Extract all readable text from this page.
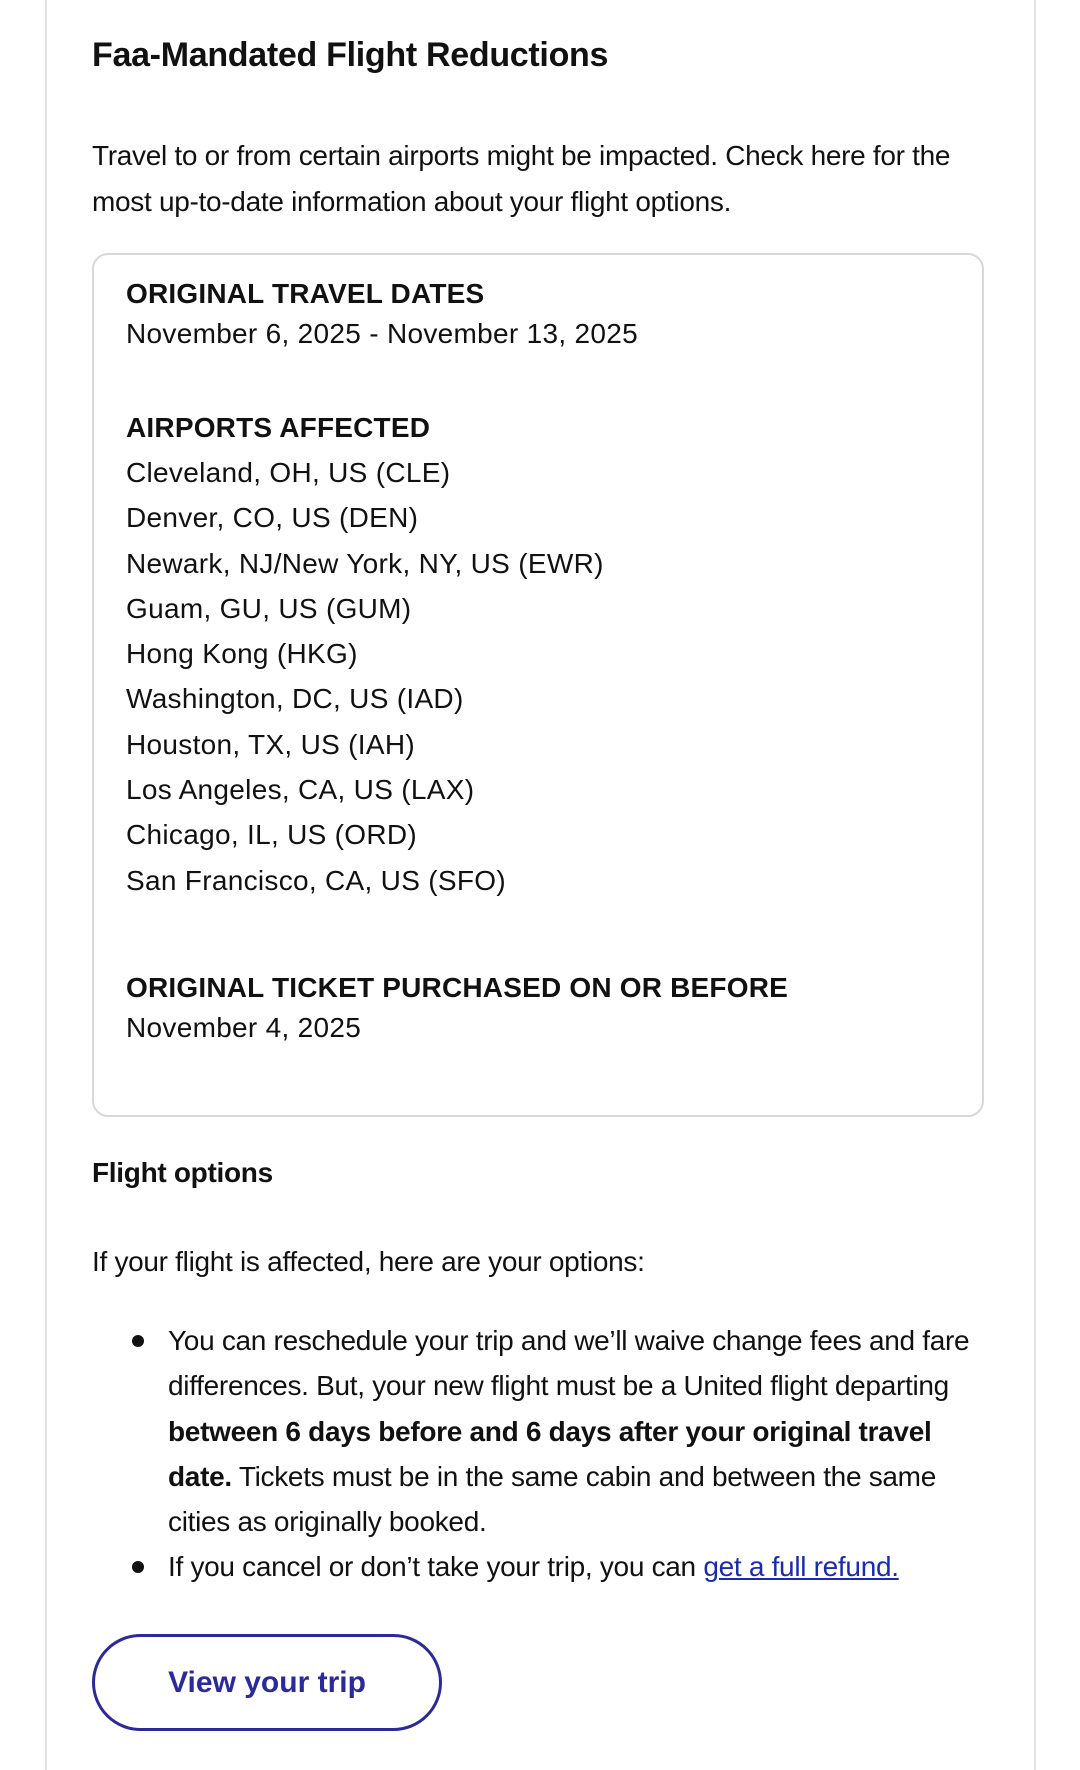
Faa-Mandated Flight Reductions

Travel to or from certain airports might be impacted. Check here for the most up-to-date information about your flight options.

ORIGINAL TRAVEL DATES
November 6, 2025 - November 13, 2025
AIRPORTS AFFECTED
Cleveland, OH, US (CLE)
Denver, CO, US (DEN)
Newark, NJ/New York, NY, US (EWR)
Guam, GU, US (GUM)
Hong Kong (HKG)
Washington, DC, US (IAD)
Houston, TX, US (IAH)
Los Angeles, CA, US (LAX)
Chicago, IL, US (ORD)
San Francisco, CA, US (SFO)
ORIGINAL TICKET PURCHASED ON OR BEFORE
November 4, 2025
Flight options

If your flight is affected, here are your options:

You can reschedule your trip and we’ll waive change fees and fare differences. But, your new flight must be a United flight departing between 6 days before and 6 days after your original travel date. Tickets must be in the same cabin and between the same cities as originally booked.
If you cancel or don’t take your trip, you can get a full refund.
View your trip
